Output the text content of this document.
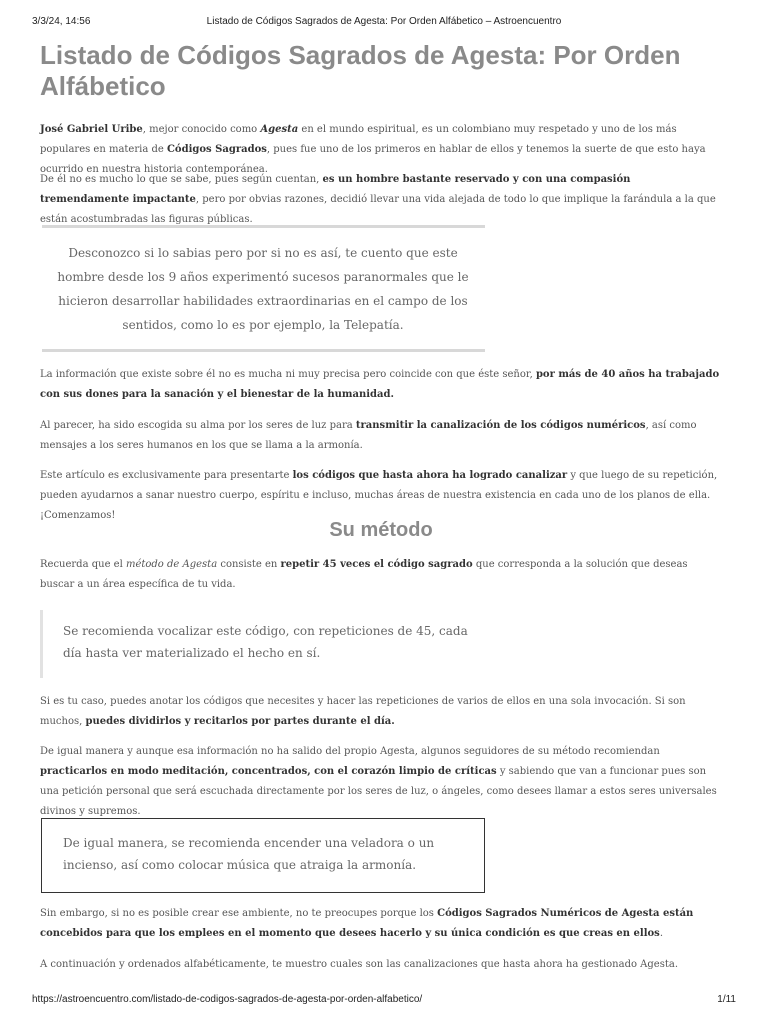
3/3/24, 14:56	Listado de Códigos Sagrados de Agesta: Por Orden Alfábetico – Astroencuentro
Listado de Códigos Sagrados de Agesta: Por Orden Alfábetico

José Gabriel Uribe, mejor conocido como Agesta en el mundo espiritual, es un colombiano muy respetado y uno de los más populares en materia de Códigos Sagrados, pues fue uno de los primeros en hablar de ellos y tenemos la suerte de que esto haya ocurrido en nuestra historia contemporánea.

De él no es mucho lo que se sabe, pues según cuentan, es un hombre bastante reservado y con una compasión tremendamente impactante, pero por obvias razones, decidió llevar una vida alejada de todo lo que implique la farándula a la que están acostumbradas las figuras públicas.

Desconozco si lo sabias pero por si no es así, te cuento que este hombre desde los 9 años experimentó sucesos paranormales que le hicieron desarrollar habilidades extraordinarias en el campo de los sentidos, como lo es por ejemplo, la Telepatía.

La información que existe sobre él no es mucha ni muy precisa pero coincide con que éste señor, por más de 40 años ha trabajado con sus dones para la sanación y el bienestar de la humanidad.

Al parecer, ha sido escogida su alma por los seres de luz para transmitir la canalización de los códigos numéricos, así como mensajes a los seres humanos en los que se llama a la armonía.

Este artículo es exclusivamente para presentarte los códigos que hasta ahora ha logrado canalizar y que luego de su repetición, pueden ayudarnos a sanar nuestro cuerpo, espíritu e incluso, muchas áreas de nuestra existencia en cada uno de los planos de ella. ¡Comenzamos!

Su método

Recuerda que el método de Agesta consiste en repetir 45 veces el código sagrado que corresponda a la solución que deseas buscar a un área específica de tu vida.

Se recomienda vocalizar este código, con repeticiones de 45, cada día hasta ver materializado el hecho en sí.

Si es tu caso, puedes anotar los códigos que necesites y hacer las repeticiones de varios de ellos en una sola invocación. Si son muchos, puedes dividirlos y recitarlos por partes durante el día.

De igual manera y aunque esa información no ha salido del propio Agesta, algunos seguidores de su método recomiendan practicarlos en modo meditación, concentrados, con el corazón limpio de críticas y sabiendo que van a funcionar pues son una petición personal que será escuchada directamente por los seres de luz, o ángeles, como desees llamar a estos seres universales divinos y supremos.

De igual manera, se recomienda encender una veladora o un incienso, así como colocar música que atraiga la armonía.

Sin embargo, si no es posible crear ese ambiente, no te preocupes porque los Códigos Sagrados Numéricos de Agesta están concebidos para que los emplees en el momento que desees hacerlo y su única condición es que creas en ellos.

A continuación y ordenados alfabéticamente, te muestro cuales son las canalizaciones que hasta ahora ha gestionado Agesta.

https://astroencuentro.com/listado-de-codigos-sagrados-de-agesta-por-orden-alfabetico/	1/11
